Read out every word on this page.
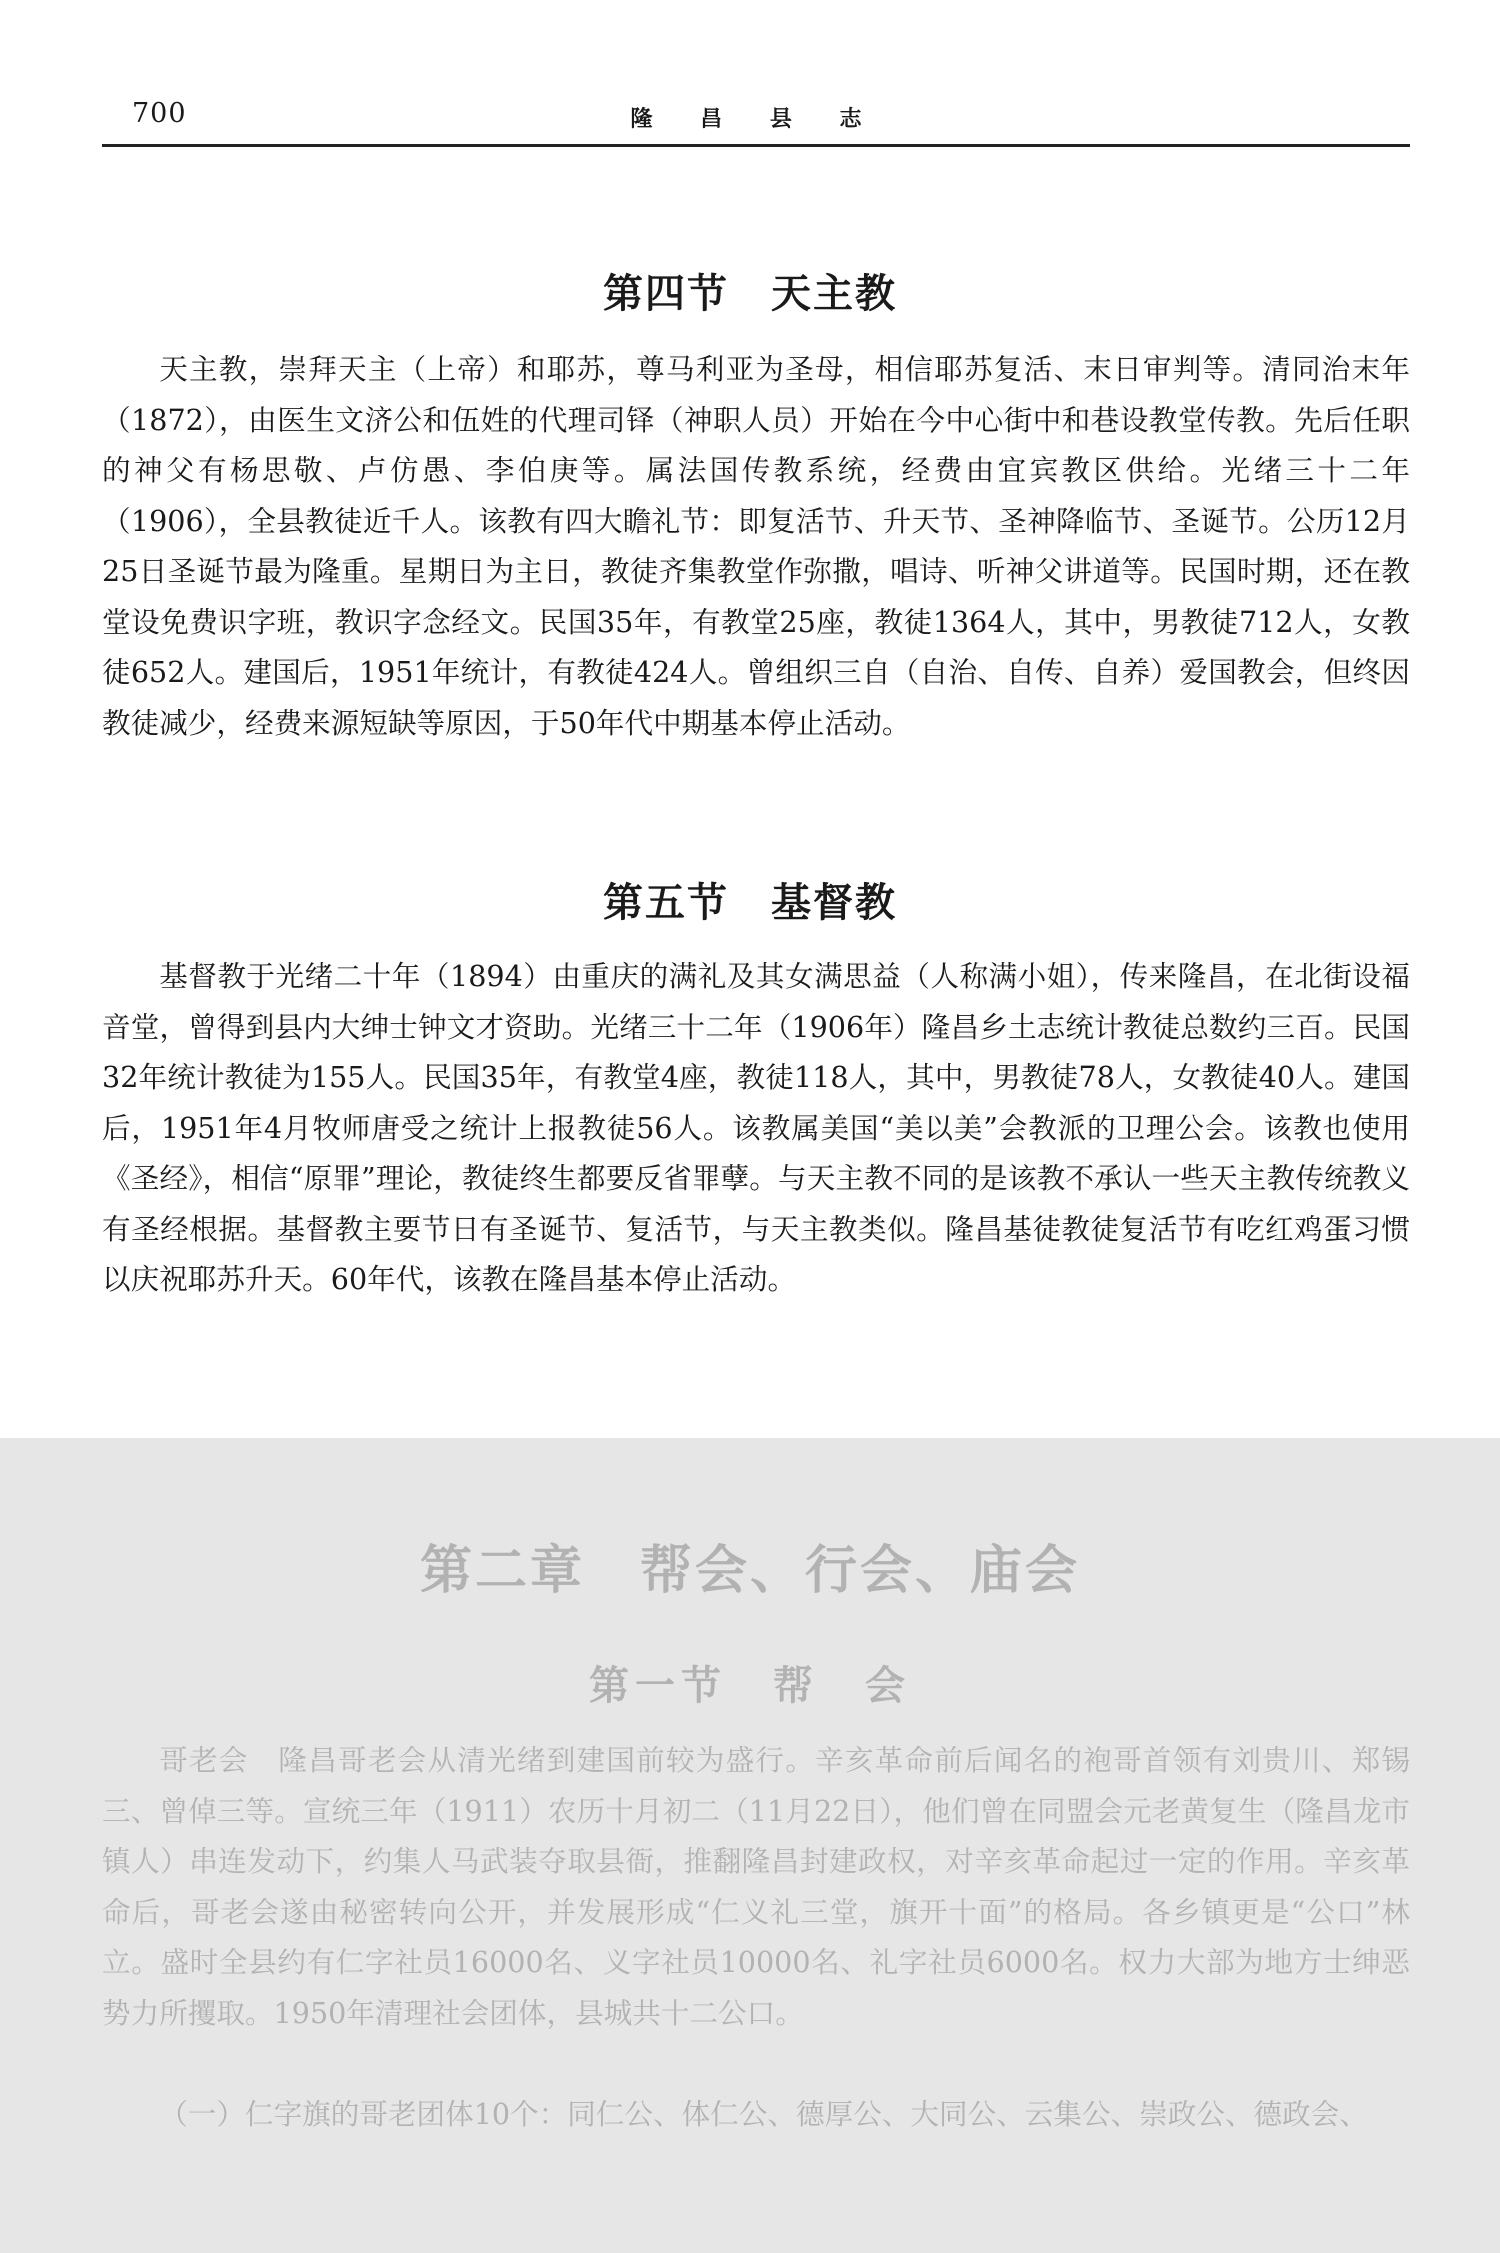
700	隆 昌 县 志
第四节　天主教

天主教，崇拜天主（上帝）和耶苏，尊马利亚为圣母，相信耶苏复活、末日审判等。清同治末年（1872），由医生文济公和伍姓的代理司铎（神职人员）开始在今中心街中和巷设教堂传教。先后任职的神父有杨思敬、卢仿愚、李伯庚等。属法国传教系统，经费由宜宾教区供给。光绪三十二年（1906），全县教徒近千人。该教有四大瞻礼节：即复活节、升天节、圣神降临节、圣诞节。公历12月25日圣诞节最为隆重。星期日为主日，教徒齐集教堂作弥撒，唱诗、听神父讲道等。民国时期，还在教堂设免费识字班，教识字念经文。民国35年，有教堂25座，教徒1364人，其中，男教徒712人，女教徒652人。建国后，1951年统计，有教徒424人。曾组织三自（自治、自传、自养）爱国教会，但终因教徒减少，经费来源短缺等原因，于50年代中期基本停止活动。

第五节　基督教

基督教于光绪二十年（1894）由重庆的满礼及其女满思益（人称满小姐），传来隆昌，在北街设福音堂，曾得到县内大绅士钟文才资助。光绪三十二年（1906年）隆昌乡土志统计教徒总数约三百。民国32年统计教徒为155人。民国35年，有教堂4座，教徒118人，其中，男教徒78人，女教徒40人。建国后，1951年4月牧师唐受之统计上报教徒56人。该教属美国“美以美”会教派的卫理公会。该教也使用《圣经》，相信“原罪”理论，教徒终生都要反省罪孽。与天主教不同的是该教不承认一些天主教传统教义有圣经根据。基督教主要节日有圣诞节、复活节，与天主教类似。隆昌基徒教徒复活节有吃红鸡蛋习惯以庆祝耶苏升天。60年代，该教在隆昌基本停止活动。

第二章　帮会、行会、庙会
第一节　帮　会

哥老会　隆昌哥老会从清光绪到建国前较为盛行。辛亥革命前后闻名的袍哥首领有刘贵川、郑锡三、曾倬三等。宣统三年（1911）农历十月初二（11月22日），他们曾在同盟会元老黄复生（隆昌龙市镇人）串连发动下，约集人马武装夺取县衙，推翻隆昌封建政权，对辛亥革命起过一定的作用。辛亥革命后，哥老会遂由秘密转向公开，并发展形成“仁义礼三堂，旗开十面”的格局。各乡镇更是“公口”林立。盛时全县约有仁字社员16000名、义字社员10000名、礼字社员6000名。权力大部为地方士绅恶势力所攫取。1950年清理社会团体，县城共十二公口。

（一）仁字旗的哥老团体10个：同仁公、体仁公、德厚公、大同公、云集公、崇政公、德政会、
